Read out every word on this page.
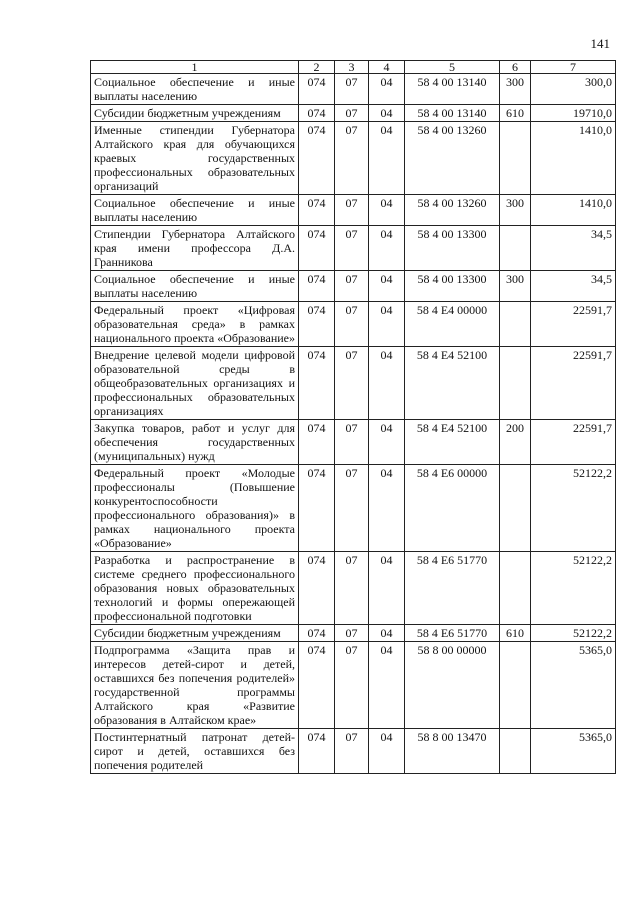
141
1	2	3	4	5	6	7
Социальное обеспечение и иные выплаты населению	074	07	04	58 4 00 13140	300	300,0
Субсидии бюджетным учреждениям	074	07	04	58 4 00 13140	610	19710,0
Именные стипендии Губернатора Алтайского края для обучающихся краевых государственных профессиональных образовательных организаций	074	07	04	58 4 00 13260		1410,0
Социальное обеспечение и иные выплаты населению	074	07	04	58 4 00 13260	300	1410,0
Стипендии Губернатора Алтайского края имени профессора Д.А. Гранникова	074	07	04	58 4 00 13300		34,5
Социальное обеспечение и иные выплаты населению	074	07	04	58 4 00 13300	300	34,5
Федеральный проект «Цифровая образовательная среда» в рамках национального проекта «Образование»	074	07	04	58 4 E4 00000		22591,7
Внедрение целевой модели цифровой образовательной среды в общеобразовательных организациях и профессиональных образовательных организациях	074	07	04	58 4 E4 52100		22591,7
Закупка товаров, работ и услуг для обеспечения государственных (муниципальных) нужд	074	07	04	58 4 E4 52100	200	22591,7
Федеральный проект «Молодые профессионалы (Повышение конкурентоспособности профессионального образования)» в рамках национального проекта «Образование»	074	07	04	58 4 E6 00000		52122,2
Разработка и распространение в системе среднего профессионального образования новых образовательных технологий и формы опережающей профессиональной подготовки	074	07	04	58 4 E6 51770		52122,2
Субсидии бюджетным учреждениям	074	07	04	58 4 E6 51770	610	52122,2
Подпрограмма «Защита прав и интересов детей-сирот и детей, оставшихся без попечения родителей» государственной программы Алтайского края «Развитие образования в Алтайском крае»	074	07	04	58 8 00 00000		5365,0
Постинтернатный патронат детей-сирот и детей, оставшихся без попечения родителей	074	07	04	58 8 00 13470		5365,0
